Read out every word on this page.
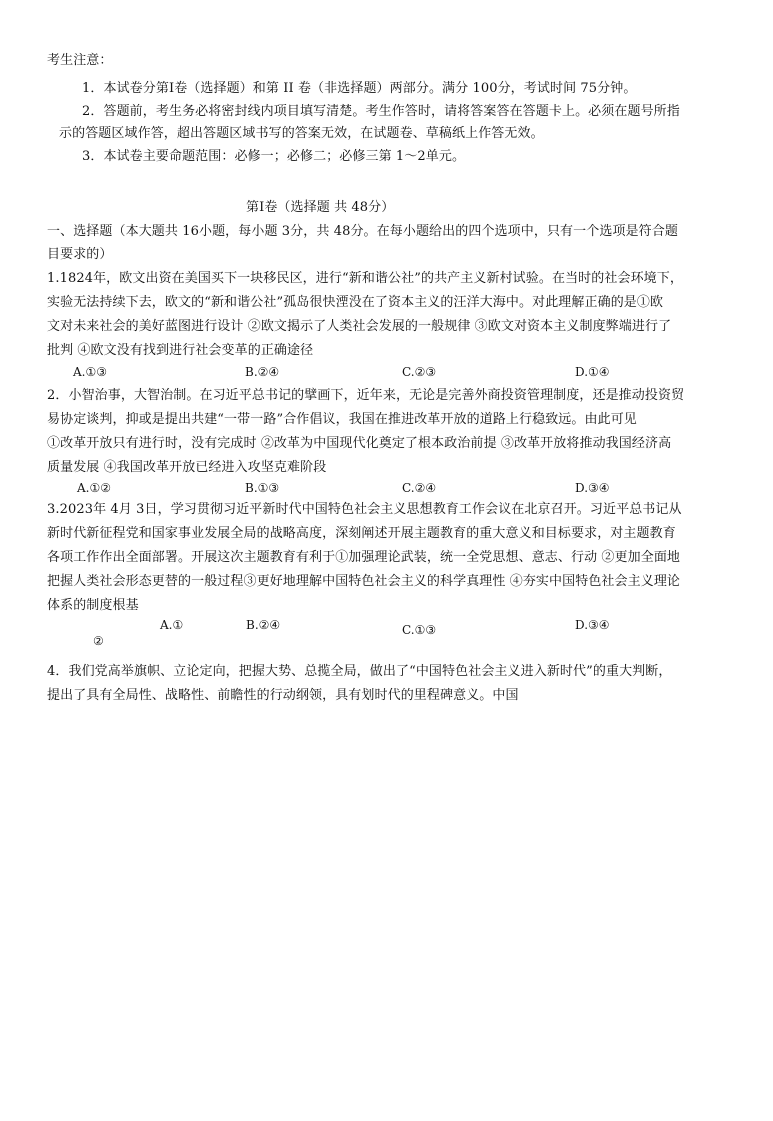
考生注意：
1．本试卷分第Ⅰ卷（选择题）和第 II 卷（非选择题）两部分。满分 100分，考试时间 75分钟。
2．答题前，考生务必将密封线内项目填写清楚。考生作答时，请将答案答在答题卡上。必须在题号所指
示的答题区域作答，超出答题区域书写的答案无效，在试题卷、草稿纸上作答无效。
3．本试卷主要命题范围：必修一；必修二；必修三第 1～2单元。
第Ⅰ卷（选择题 共 48分）
一、选择题（本大题共 16小题，每小题 3分，共 48分。在每小题给出的四个选项中，只有一个选项是符合题
目要求的）
1.1824年，欧文出资在美国买下一块移民区，进行“新和谐公社”的共产主义新村试验。在当时的社会环境下，
实验无法持续下去，欧文的“新和谐公社”孤岛很快湮没在了资本主义的汪洋大海中。对此理解正确的是①欧
文对未来社会的美好蓝图进行设计 ②欧文揭示了人类社会发展的一般规律 ③欧文对资本主义制度弊端进行了
批判 ④欧文没有找到进行社会变革的正确途径
A.①③	B.②④	C.②③	D.①④
2．小智治事，大智治制。在习近平总书记的擘画下，近年来，无论是完善外商投资管理制度，还是推动投资贸
易协定谈判，抑或是提出共建“一带一路”合作倡议，我国在推进改革开放的道路上行稳致远。由此可见
①改革开放只有进行时，没有完成时 ②改革为中国现代化奠定了根本政治前提 ③改革开放将推动我国经济高
质量发展 ④我国改革开放已经进入攻坚克难阶段
A.①②	B.①③	C.②④	D.③④
3.2023年 4月 3日，学习贯彻习近平新时代中国特色社会主义思想教育工作会议在北京召开。习近平总书记从
新时代新征程党和国家事业发展全局的战略高度，深刻阐述开展主题教育的重大意义和目标要求，对主题教育
各项工作作出全面部署。开展这次主题教育有利于①加强理论武装，统一全党思想、意志、行动 ②更加全面地
把握人类社会形态更替的一般过程③更好地理解中国特色社会主义的科学真理性 ④夯实中国特色社会主义理论
体系的制度根基
A.①
②
B.②④	C.①③	D.③④
4．我们党高举旗帜、立论定向，把握大势、总揽全局，做出了“中国特色社会主义进入新时代”的重大判断，
提出了具有全局性、战略性、前瞻性的行动纲领，具有划时代的里程碑意义。中国
